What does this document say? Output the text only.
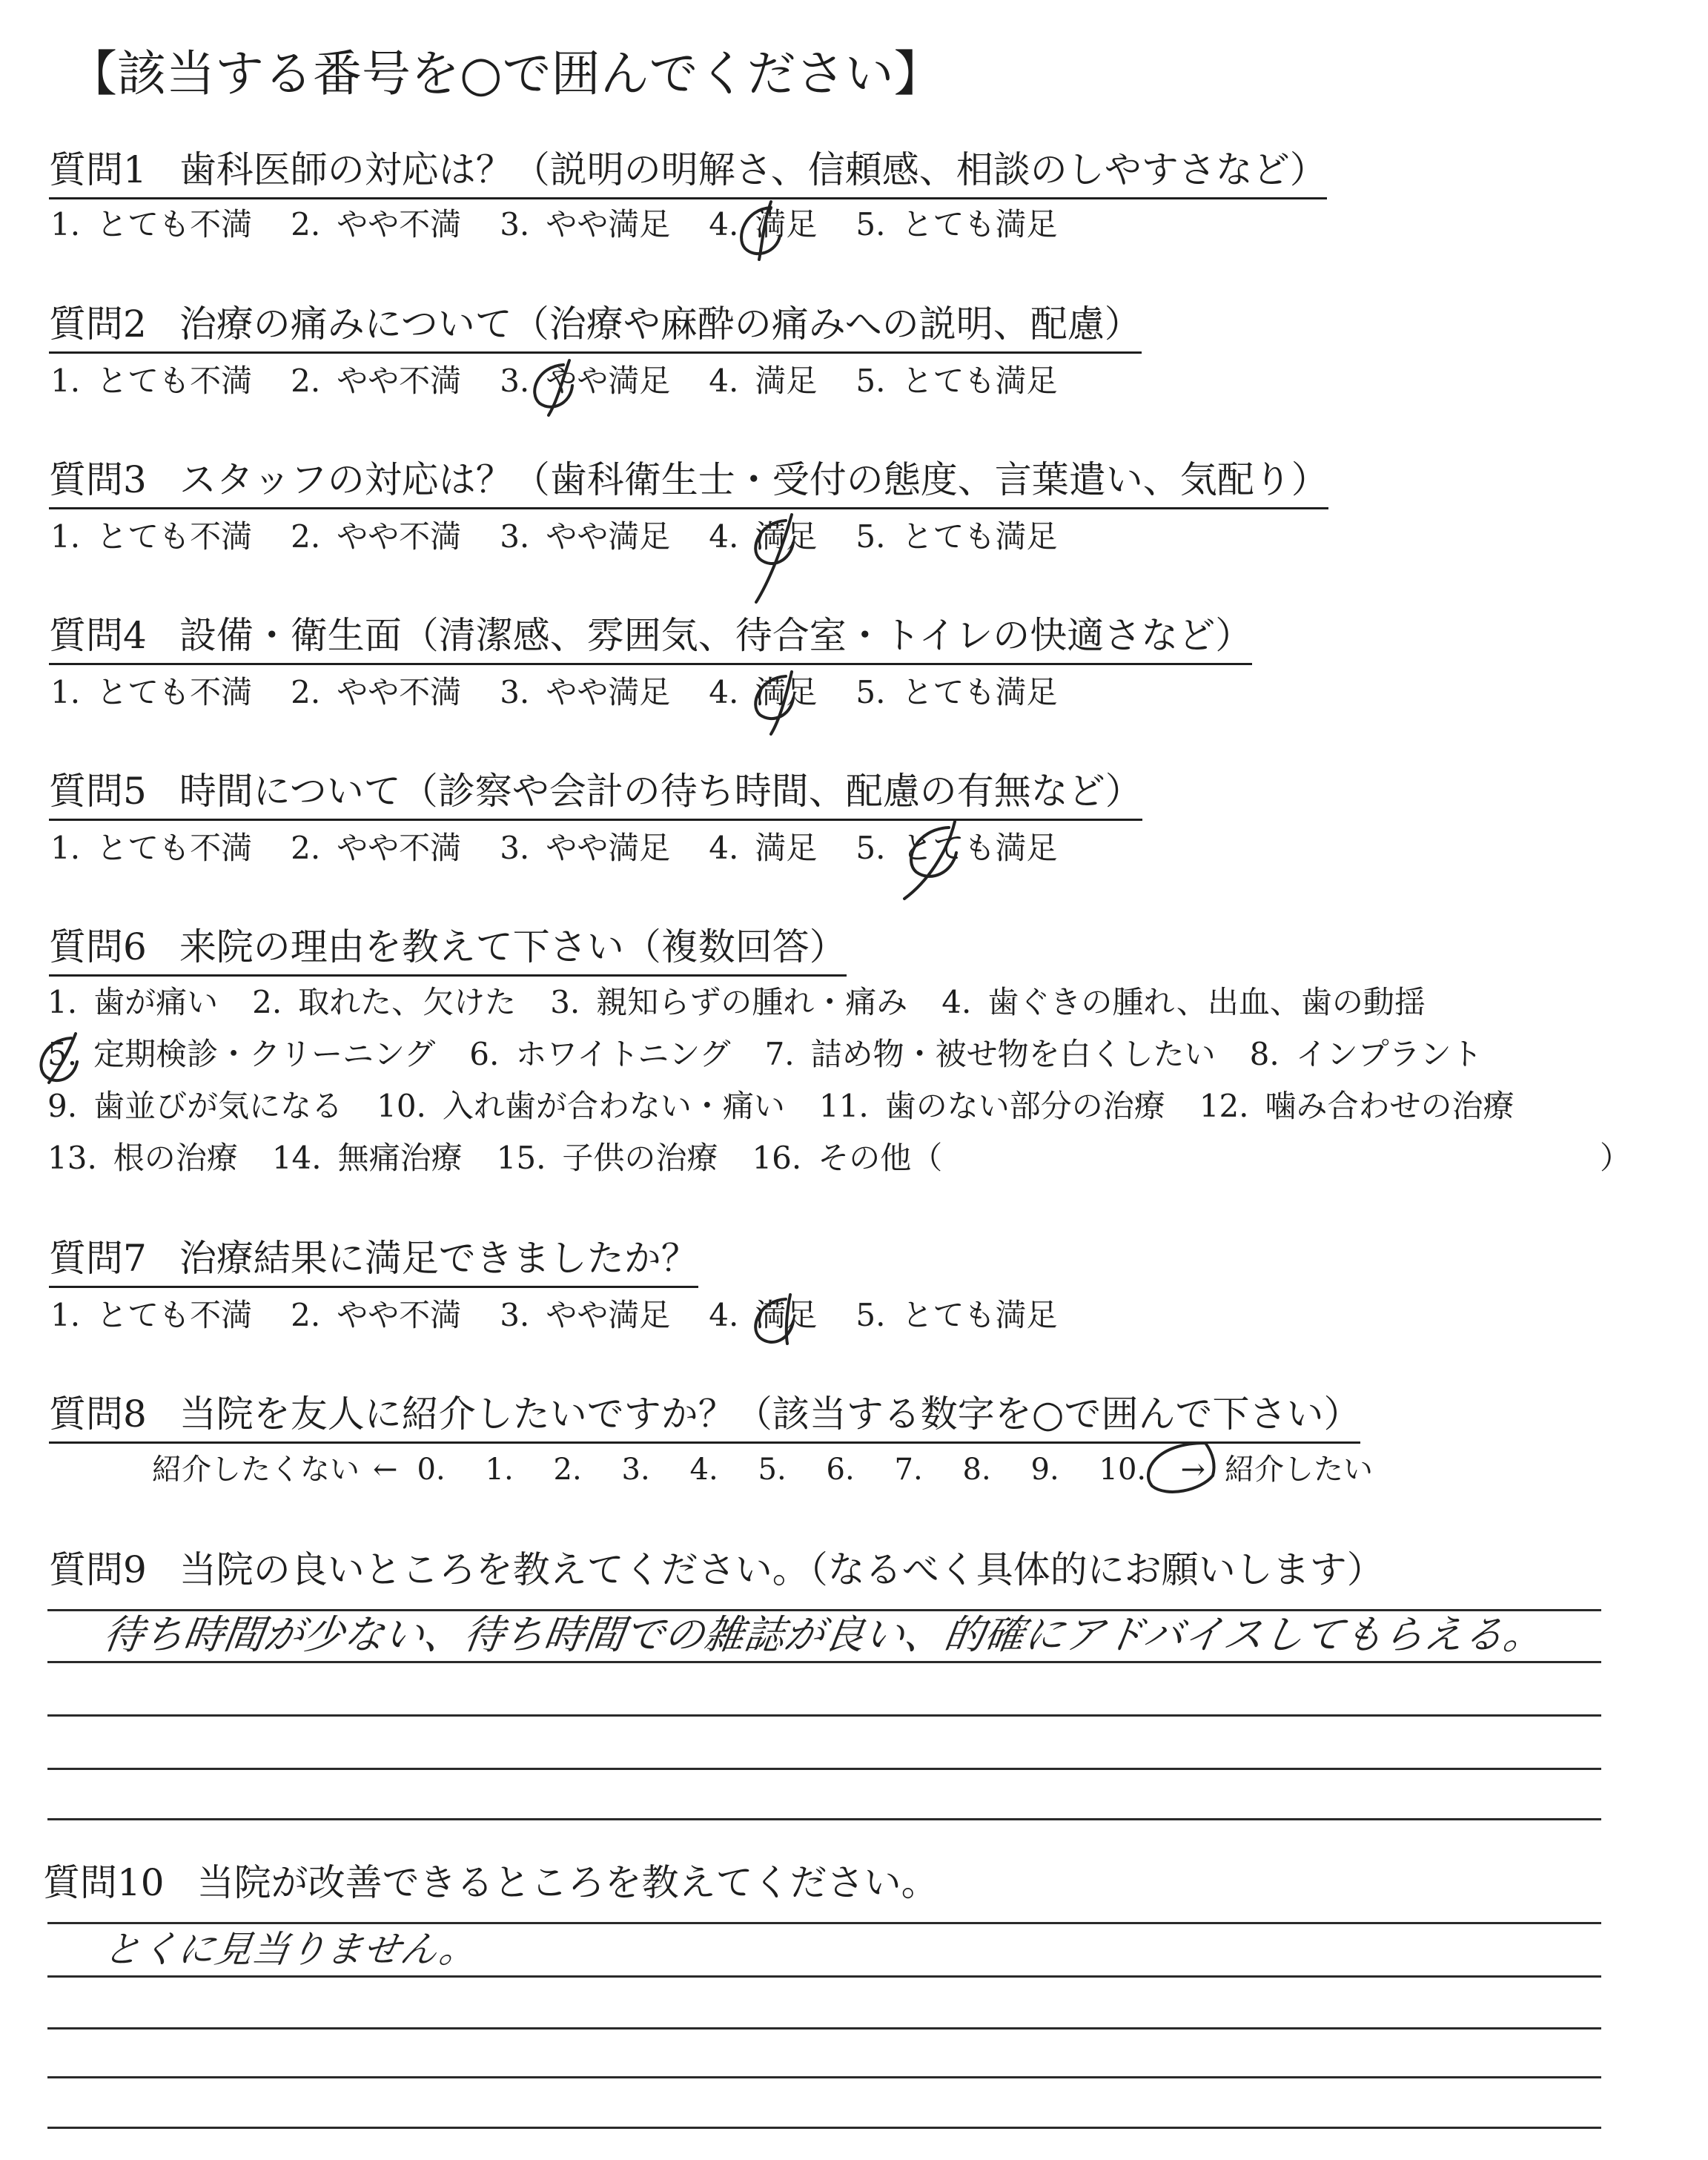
【該当する番号を○で囲んでください】
質問1 歯科医師の対応は？（説明の明解さ、信頼感、相談のしやすさなど）
1. とても不満 2. やや不満 3. やや満足 4. 満足 5. とても満足
質問2 治療の痛みについて（治療や麻酔の痛みへの説明、配慮）
1. とても不満 2. やや不満 3. やや満足 4. 満足 5. とても満足
質問3 スタッフの対応は？（歯科衛生士・受付の態度、言葉遣い、気配り）
1. とても不満 2. やや不満 3. やや満足 4. 満足 5. とても満足
質問4 設備・衛生面（清潔感、雰囲気、待合室・トイレの快適さなど）
1. とても不満 2. やや不満 3. やや満足 4. 満足 5. とても満足
質問5 時間について（診察や会計の待ち時間、配慮の有無など）
1. とても不満 2. やや不満 3. やや満足 4. 満足 5. とても満足
質問6 来院の理由を教えて下さい（複数回答）
1. 歯が痛い 2. 取れた、欠けた 3. 親知らずの腫れ・痛み 4. 歯ぐきの腫れ、出血、歯の動揺
5. 定期検診・クリーニング 6. ホワイトニング 7. 詰め物・被せ物を白くしたい 8. インプラント
9. 歯並びが気になる 10. 入れ歯が合わない・痛い 11. 歯のない部分の治療 12. 噛み合わせの治療
13. 根の治療 14. 無痛治療 15. 子供の治療 16. その他（	）
質問7 治療結果に満足できましたか？
1. とても不満 2. やや不満 3. やや満足 4. 満足 5. とても満足
質問8 当院を友人に紹介したいですか？（該当する数字を○で囲んで下さい）
紹介したくない ← 0. 1. 2. 3. 4. 5. 6. 7. 8. 9. 10. → 紹介したい
質問9 当院の良いところを教えてください。（なるべく具体的にお願いします）
待ち時間が少ない、待ち時間での雑誌が良い、的確にアドバイスしてもらえる。
質問10 当院が改善できるところを教えてください。
とくに見当りません。
